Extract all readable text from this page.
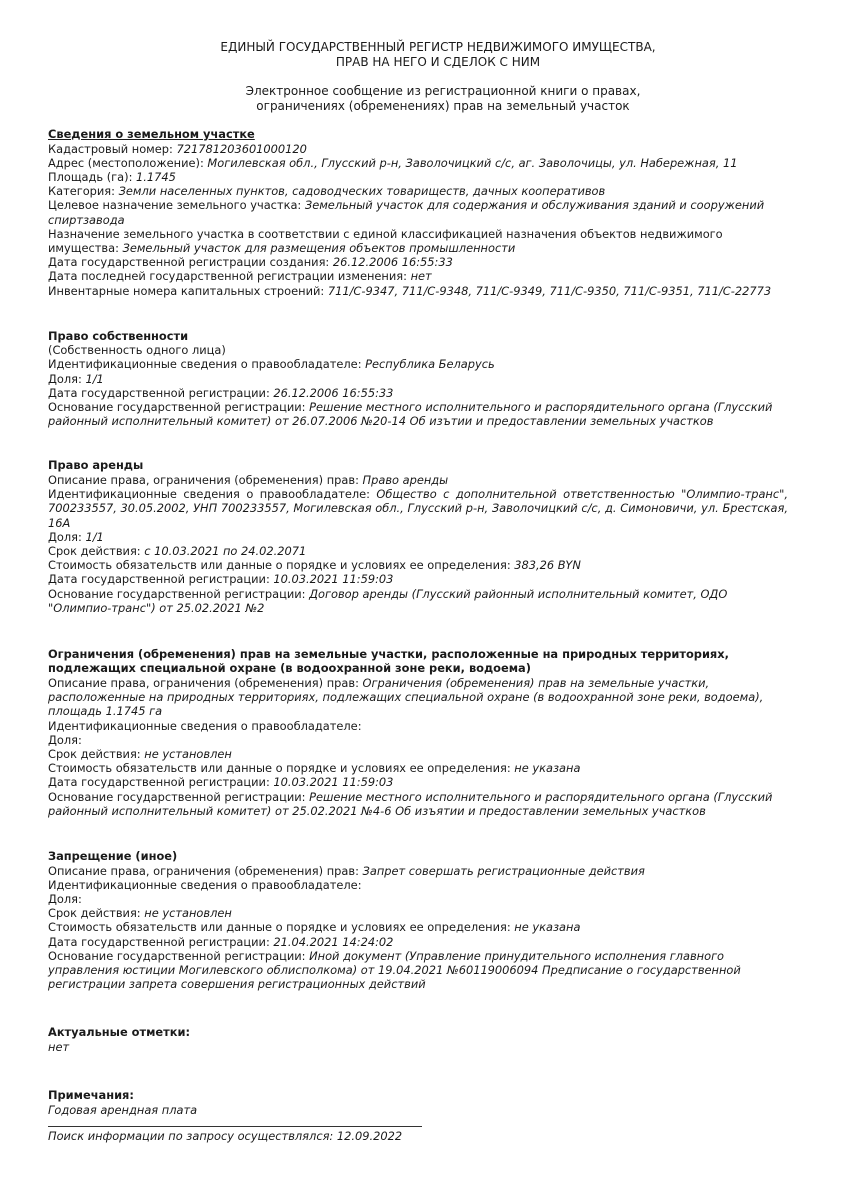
ЕДИНЫЙ ГОСУДАРСТВЕННЫЙ РЕГИСТР НЕДВИЖИМОГО ИМУЩЕСТВА,
ПРАВ НА НЕГО И СДЕЛОК С НИМ
Электронное сообщение из регистрационной книги о правах,
ограничениях (обременениях) прав на земельный участок
Сведения о земельном участке
Кадастровый номер: 721781203601000120
Адрес (местоположение): Могилевская обл., Глусский р-н, Заволочицкий с/с, аг. Заволочицы, ул. Набережная, 11
Площадь (га): 1.1745
Категория: Земли населенных пунктов, садоводческих товариществ, дачных кооперативов
Целевое назначение земельного участка: Земельный участок для содержания и обслуживания зданий и сооружений спиртзавода
Назначение земельного участка в соответствии с единой классификацией назначения объектов недвижимого имущества: Земельный участок для размещения объектов промышленности
Дата государственной регистрации создания: 26.12.2006 16:55:33
Дата последней государственной регистрации изменения: нет
Инвентарные номера капитальных строений: 711/С-9347, 711/С-9348, 711/С-9349, 711/С-9350, 711/С-9351, 711/С-22773
Право собственности
(Собственность одного лица)
Идентификационные сведения о правообладателе: Республика Беларусь
Доля: 1/1
Дата государственной регистрации: 26.12.2006 16:55:33
Основание государственной регистрации: Решение местного исполнительного и распорядительного органа (Глусский районный исполнительный комитет) от 26.07.2006 №20-14 Об изътии и предоставлении земельных участков
Право аренды
Описание права, ограничения (обременения) прав: Право аренды
Идентификационные сведения о правообладателе: Общество с дополнительной ответственностью "Олимпио-транс", 700233557, 30.05.2002, УНП 700233557, Могилевская обл., Глусский р-н, Заволочицкий с/с, д. Симоновичи, ул. Брестская, 16А
Доля: 1/1
Срок действия: с 10.03.2021 по 24.02.2071
Стоимость обязательств или данные о порядке и условиях ее определения: 383,26 BYN
Дата государственной регистрации: 10.03.2021 11:59:03
Основание государственной регистрации: Договор аренды (Глусский районный исполнительный комитет, ОДО "Олимпио-транс") от 25.02.2021 №2
Ограничения (обременения) прав на земельные участки, расположенные на природных территориях, подлежащих специальной охране (в водоохранной зоне реки, водоема)
Описание права, ограничения (обременения) прав: Ограничения (обременения) прав на земельные участки, расположенные на природных территориях, подлежащих специальной охране (в водоохранной зоне реки, водоема), площадь 1.1745 га
Идентификационные сведения о правообладателе:
Доля:
Срок действия: не установлен
Стоимость обязательств или данные о порядке и условиях ее определения: не указана
Дата государственной регистрации: 10.03.2021 11:59:03
Основание государственной регистрации: Решение местного исполнительного и распорядительного органа (Глусский районный исполнительный комитет) от 25.02.2021 №4-6 Об изъятии и предоставлении земельных участков
Запрещение (иное)
Описание права, ограничения (обременения) прав: Запрет совершать регистрационные действия
Идентификационные сведения о правообладателе:
Доля:
Срок действия: не установлен
Стоимость обязательств или данные о порядке и условиях ее определения: не указана
Дата государственной регистрации: 21.04.2021 14:24:02
Основание государственной регистрации: Иной документ (Управление принудительного исполнения главного управления юстиции Могилевского облисполкома) от 19.04.2021 №60119006094 Предписание о государственной регистрации запрета совершения регистрационных действий
Актуальные отметки:
нет
Примечания:
Годовая арендная плата
Поиск информации по запросу осуществлялся: 12.09.2022
